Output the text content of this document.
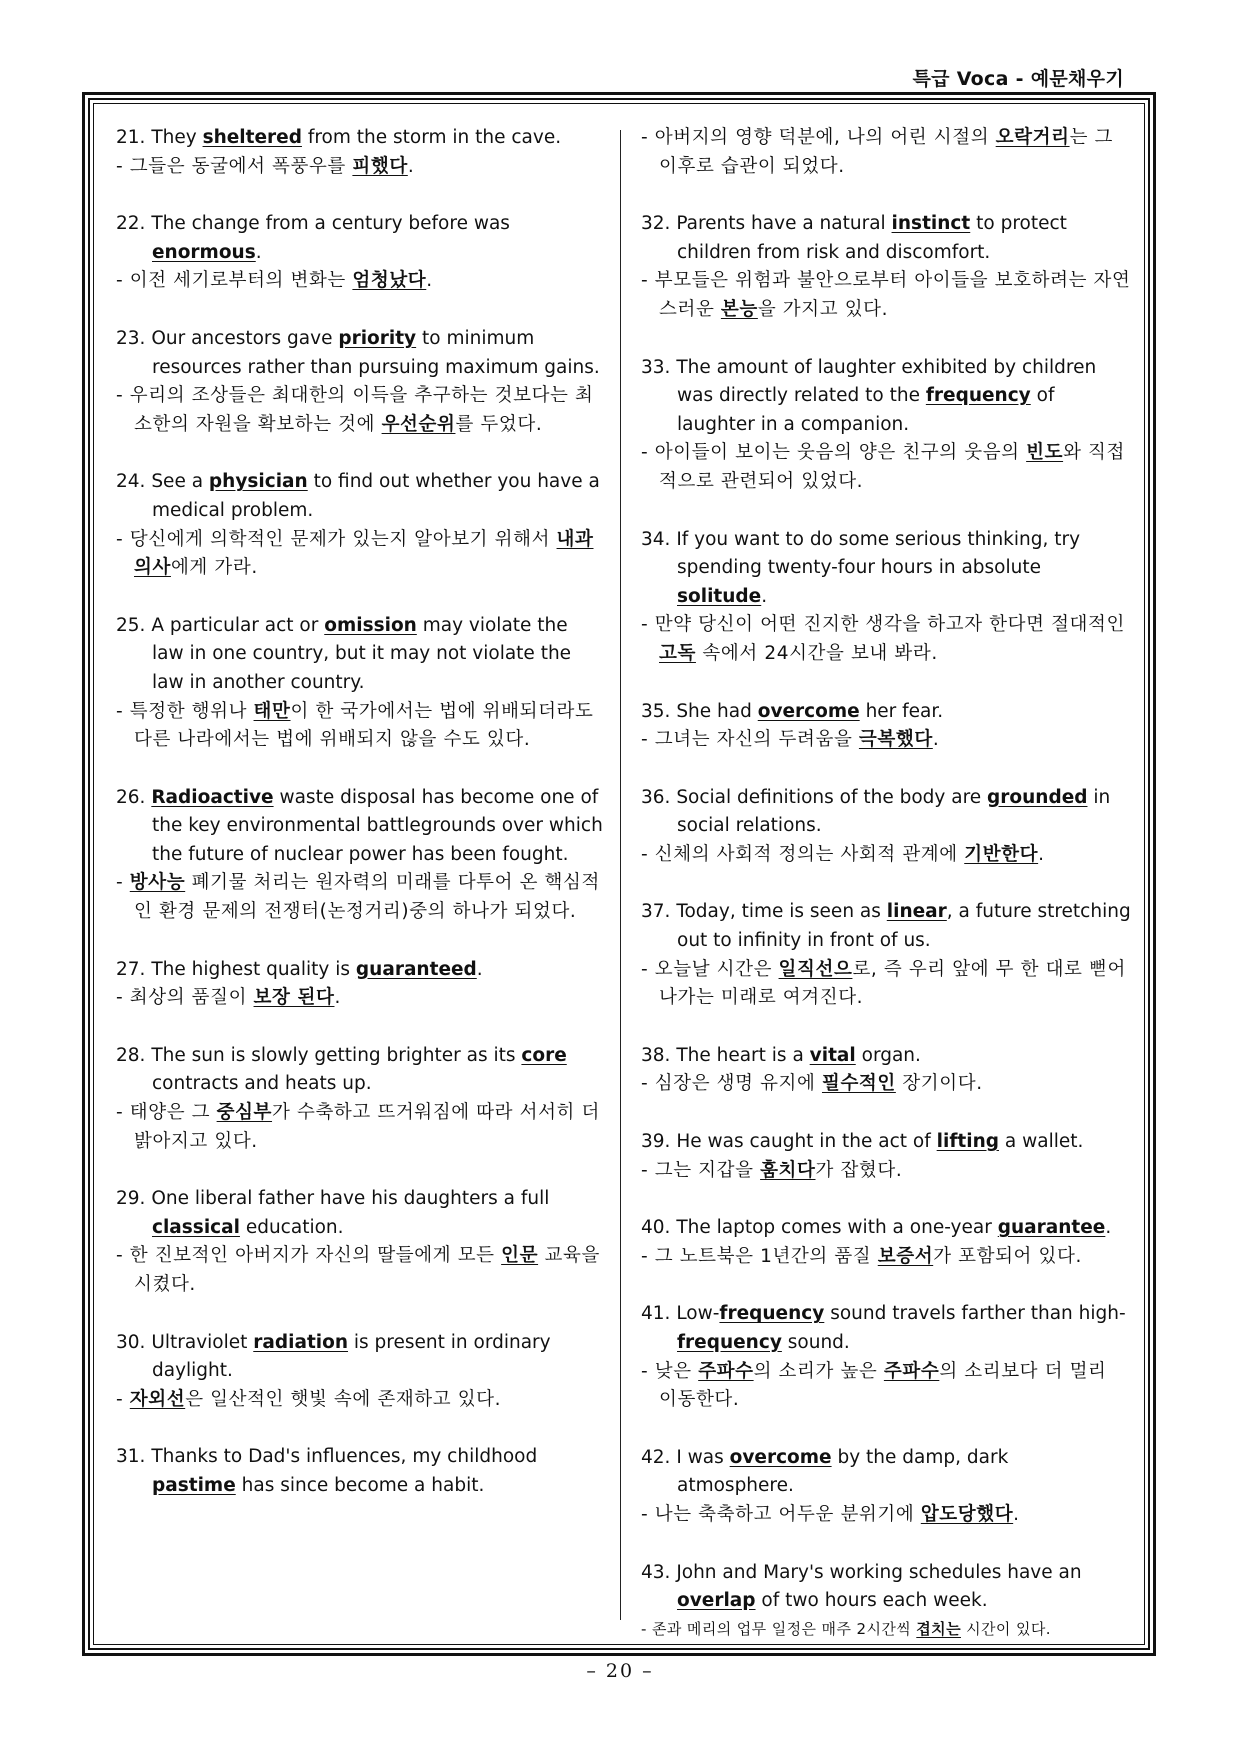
특급 Voca - 예문채우기
21. They sheltered from the storm in the cave.
- 그들은 동굴에서 폭풍우를 피했다.
22. The change from a century before was enormous.
- 이전 세기로부터의 변화는 엄청났다.
23. Our ancestors gave priority to minimum resources rather than pursuing maximum gains.
- 우리의 조상들은 최대한의 이득을 추구하는 것보다는 최소한의 자원을 확보하는 것에 우선순위를 두었다.
24. See a physician to find out whether you have a medical problem.
- 당신에게 의학적인 문제가 있는지 알아보기 위해서 내과 의사에게 가라.
25. A particular act or omission may violate the law in one country, but it may not violate the law in another country.
- 특정한 행위나 태만이 한 국가에서는 법에 위배되더라도 다른 나라에서는 법에 위배되지 않을 수도 있다.
26. Radioactive waste disposal has become one of the key environmental battlegrounds over which the future of nuclear power has been fought.
- 방사능 폐기물 처리는 원자력의 미래를 다투어 온 핵심적인 환경 문제의 전쟁터(논정거리)중의 하나가 되었다.
27. The highest quality is guaranteed.
- 최상의 품질이 보장 된다.
28. The sun is slowly getting brighter as its core contracts and heats up.
- 태양은 그 중심부가 수축하고 뜨거워짐에 따라 서서히 더 밝아지고 있다.
29. One liberal father have his daughters a full classical education.
- 한 진보적인 아버지가 자신의 딸들에게 모든 인문 교육을 시켰다.
30. Ultraviolet radiation is present in ordinary daylight.
- 자외선은 일산적인 햇빛 속에 존재하고 있다.
31. Thanks to Dad's influences, my childhood pastime has since become a habit.
- 아버지의 영향 덕분에, 나의 어린 시절의 오락거리는 그 이후로 습관이 되었다.
32. Parents have a natural instinct to protect children from risk and discomfort.
- 부모들은 위험과 불안으로부터 아이들을 보호하려는 자연스러운 본능을 가지고 있다.
33. The amount of laughter exhibited by children was directly related to the frequency of laughter in a companion.
- 아이들이 보이는 웃음의 양은 친구의 웃음의 빈도와 직접적으로 관련되어 있었다.
34. If you want to do some serious thinking, try spending twenty-four hours in absolute solitude.
- 만약 당신이 어떤 진지한 생각을 하고자 한다면 절대적인 고독 속에서 24시간을 보내 봐라.
35. She had overcome her fear.
- 그녀는 자신의 두려움을 극복했다.
36. Social definitions of the body are grounded in social relations.
- 신체의 사회적 정의는 사회적 관계에 기반한다.
37. Today, time is seen as linear, a future stretching out to infinity in front of us.
- 오늘날 시간은 일직선으로, 즉 우리 앞에 무 한 대로 뻗어 나가는 미래로 여겨진다.
38. The heart is a vital organ.
- 심장은 생명 유지에 필수적인 장기이다.
39. He was caught in the act of lifting a wallet.
- 그는 지갑을 훔치다가 잡혔다.
40. The laptop comes with a one-year guarantee.
- 그 노트북은 1년간의 품질 보증서가 포함되어 있다.
41. Low-frequency sound travels farther than high-frequency sound.
- 낮은 주파수의 소리가 높은 주파수의 소리보다 더 멀리 이동한다.
42. I was overcome by the damp, dark atmosphere.
- 나는 축축하고 어두운 분위기에 압도당했다.
43. John and Mary's working schedules have an overlap of two hours each week.
- 존과 메리의 업무 일정은 매주 2시간씩 겹치는 시간이 있다.
– 20 –
